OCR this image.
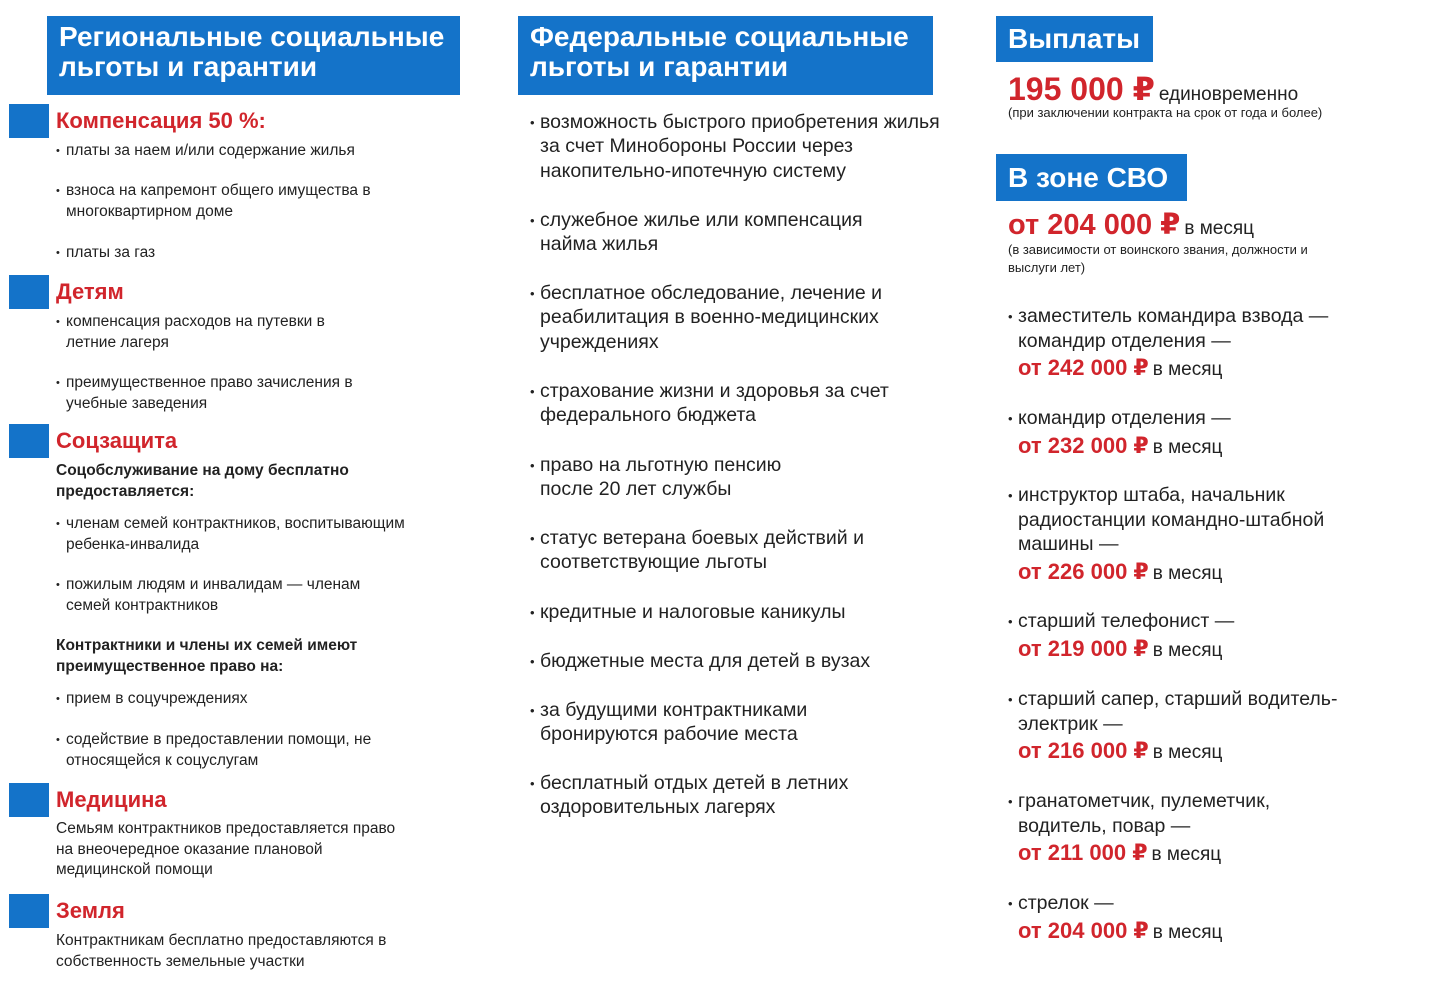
Региональные социальные льготы и гарантии
Компенсация 50 %:
• платы за наем и/или содержание жилья
• взноса на капремонт общего имущества в многоквартирном доме
• платы за газ
Детям
• компенсация расходов на путевки в летние лагеря
• преимущественное право зачисления в учебные заведения
Соцзащита
Соцобслуживание на дому бесплатно предоставляется:
• членам семей контрактников, воспитывающим ребенка-инвалида
• пожилым людям и инвалидам — членам семей контрактников
Контрактники и члены их семей имеют преимущественное право на:
• прием в соцучреждениях
• содействие в предоставлении помощи, не относящейся к соцуслугам
Медицина
Семьям контрактников предоставляется право на внеочередное оказание плановой медицинской помощи
Земля
Контрактникам бесплатно предоставляются в собственность земельные участки
Федеральные социальные льготы и гарантии
• возможность быстрого приобретения жилья за счет Минобороны России через накопительно-ипотечную систему
• служебное жилье или компенсация найма жилья
• бесплатное обследование, лечение и реабилитация в военно-медицинских учреждениях
• страхование жизни и здоровья за счет федерального бюджета
• право на льготную пенсию после 20 лет службы
• статус ветерана боевых действий и соответствующие льготы
• кредитные и налоговые каникулы
• бюджетные места для детей в вузах
• за будущими контрактниками бронируются рабочие места
• бесплатный отдых детей в летних оздоровительных лагерях
Выплаты
195 000 ₽ единовременно
(при заключении контракта на срок от года и более)
В зоне СВО
от 204 000 ₽ в месяц
(в зависимости от воинского звания, должности и выслуги лет)
• заместитель командира взвода — командир отделения —
от 242 000 ₽ в месяц
• командир отделения —
от 232 000 ₽ в месяц
• инструктор штаба, начальник радиостанции командно-штабной машины —
от 226 000 ₽ в месяц
• старший телефонист —
от 219 000 ₽ в месяц
• старший сапер, старший водитель-электрик —
от 216 000 ₽ в месяц
• гранатометчик, пулеметчик, водитель, повар —
от 211 000 ₽ в месяц
• стрелок —
от 204 000 ₽ в месяц
